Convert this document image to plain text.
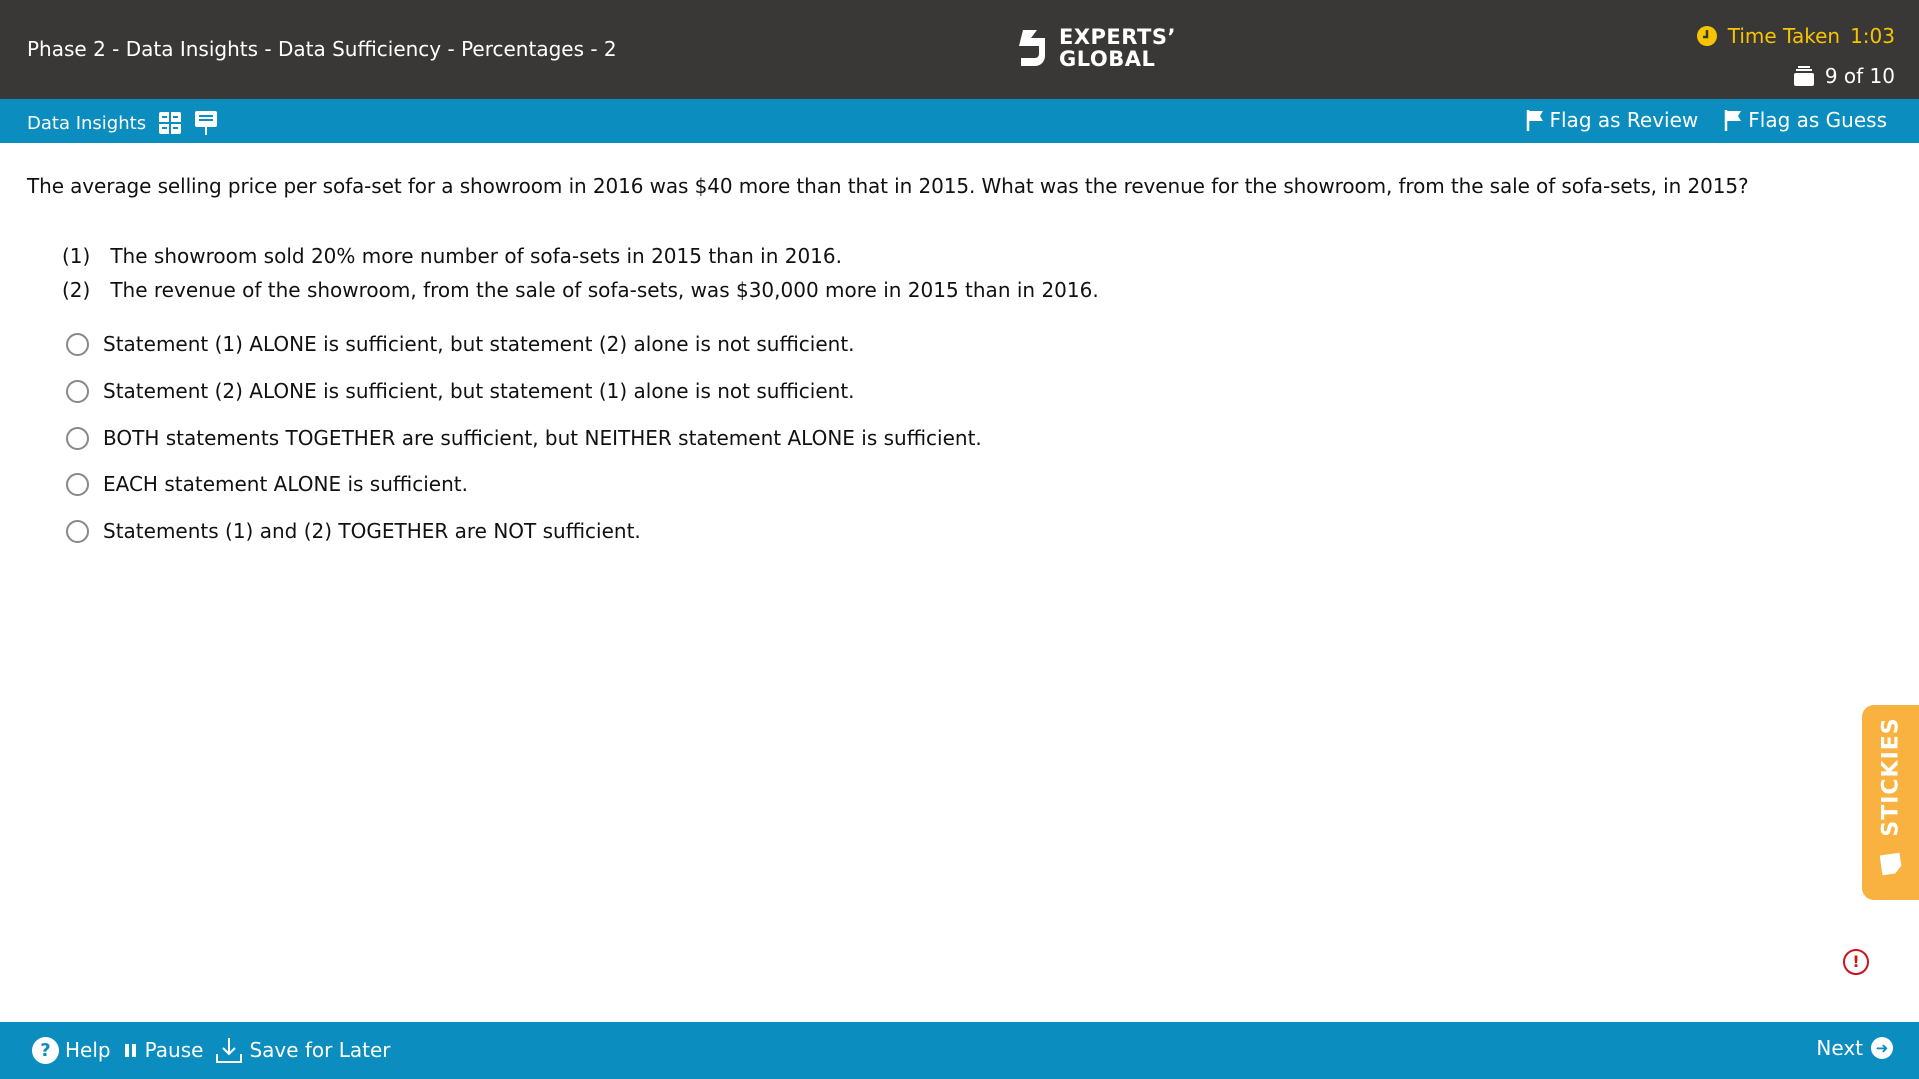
Phase 2 - Data Insights - Data Sufficiency - Percentages - 2	EXPERTS’
GLOBAL
Time Taken 1:03
9 of 10
Data Insights	Flag as Review	Flag as Guess
The average selling price per sofa-set for a showroom in 2016 was $40 more than that in 2015. What was the revenue for the showroom, from the sale of sofa-sets, in 2015?
(1) The showroom sold 20% more number of sofa-sets in 2015 than in 2016.
(2) The revenue of the showroom, from the sale of sofa-sets, was $30,000 more in 2015 than in 2016.
Statement (1) ALONE is sufficient, but statement (2) alone is not sufficient.
Statement (2) ALONE is sufficient, but statement (1) alone is not sufficient.
BOTH statements TOGETHER are sufficient, but NEITHER statement ALONE is sufficient.
EACH statement ALONE is sufficient.
Statements (1) and (2) TOGETHER are NOT sufficient.
STICKIES
!
? Help Pause Save for Later	Next ➜
